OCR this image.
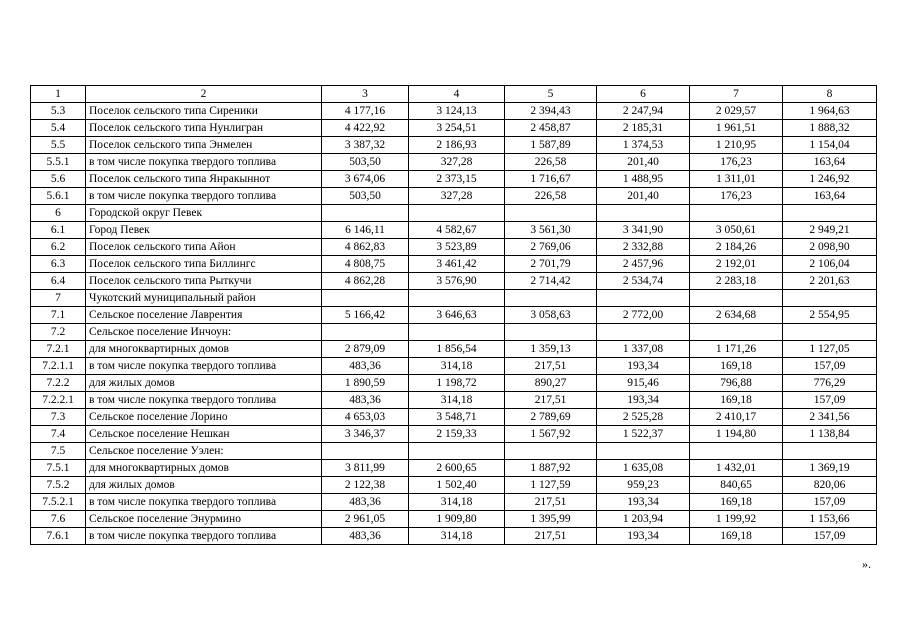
1	2	3	4	5	6	7	8
5.3	Поселок сельского типа Сиреники	4 177,16	3 124,13	2 394,43	2 247,94	2 029,57	1 964,63
5.4	Поселок сельского типа Нунлигран	4 422,92	3 254,51	2 458,87	2 185,31	1 961,51	1 888,32
5.5	Поселок сельского типа Энмелен	3 387,32	2 186,93	1 587,89	1 374,53	1 210,95	1 154,04
5.5.1	в том числе покупка твердого топлива	503,50	327,28	226,58	201,40	176,23	163,64
5.6	Поселок сельского типа Янракыннот	3 674,06	2 373,15	1 716,67	1 488,95	1 311,01	1 246,92
5.6.1	в том числе покупка твердого топлива	503,50	327,28	226,58	201,40	176,23	163,64
6	Городской округ Певек						
6.1	Город Певек	6 146,11	4 582,67	3 561,30	3 341,90	3 050,61	2 949,21
6.2	Поселок сельского типа Айон	4 862,83	3 523,89	2 769,06	2 332,88	2 184,26	2 098,90
6.3	Поселок сельского типа Биллингс	4 808,75	3 461,42	2 701,79	2 457,96	2 192,01	2 106,04
6.4	Поселок сельского типа Рыткучи	4 862,28	3 576,90	2 714,42	2 534,74	2 283,18	2 201,63
7	Чукотский муниципальный район						
7.1	Сельское поселение Лаврентия	5 166,42	3 646,63	3 058,63	2 772,00	2 634,68	2 554,95
7.2	Сельское поселение Инчоун:						
7.2.1	для многоквартирных домов	2 879,09	1 856,54	1 359,13	1 337,08	1 171,26	1 127,05
7.2.1.1	в том числе покупка твердого топлива	483,36	314,18	217,51	193,34	169,18	157,09
7.2.2	для жилых домов	1 890,59	1 198,72	890,27	915,46	796,88	776,29
7.2.2.1	в том числе покупка твердого топлива	483,36	314,18	217,51	193,34	169,18	157,09
7.3	Сельское поселение Лорино	4 653,03	3 548,71	2 789,69	2 525,28	2 410,17	2 341,56
7.4	Сельское поселение Нешкан	3 346,37	2 159,33	1 567,92	1 522,37	1 194,80	1 138,84
7.5	Сельское поселение Уэлен:						
7.5.1	для многоквартирных домов	3 811,99	2 600,65	1 887,92	1 635,08	1 432,01	1 369,19
7.5.2	для жилых домов	2 122,38	1 502,40	1 127,59	959,23	840,65	820,06
7.5.2.1	в том числе покупка твердого топлива	483,36	314,18	217,51	193,34	169,18	157,09
7.6	Сельское поселение Энурмино	2 961,05	1 909,80	1 395,99	1 203,94	1 199,92	1 153,66
7.6.1	в том числе покупка твердого топлива	483,36	314,18	217,51	193,34	169,18	157,09
».
